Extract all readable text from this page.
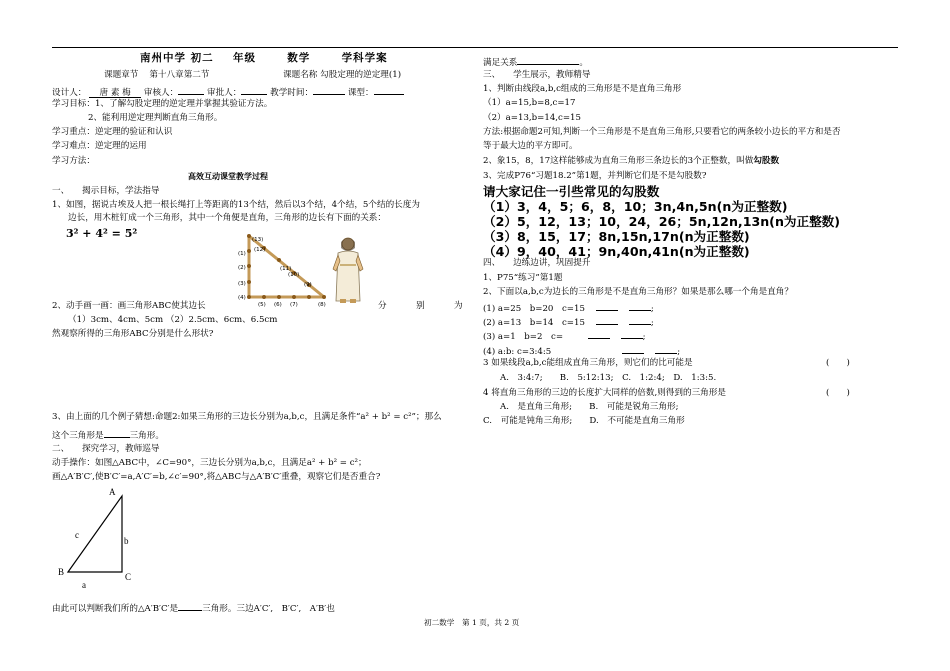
南州中学 初二 年级	数学	学科学案
课题章节 第十八章第二节	课题名称 勾股定理的逆定理(1)
设计人： 唐 素 梅 审核人：	审批人：	教学时间：	课型：
学习目标：1、了解勾股定理的逆定理并掌握其验证方法。
2、能利用逆定理判断直角三角形。
学习重点：逆定理的验证和认识
学习难点：逆定理的运用
学习方法：
高效互动课堂教学过程
一、　　揭示目标，学法指导
1、如图，据说古埃及人把一根长绳打上等距离的13个结，然后以3个结，4个结，5个结的长度为
边长，用木桩钉成一个三角形，其中一个角便是直角，三角形的边长有下面的关系：
3² + 4² = 5²	(13)
(12)
(1)
(2)
(3)
(4)
(11)
(10)
(9)
(5) (6) (7)	(8)
2、动手画一画：画三角形ABC使其边长	分	别	为
（1）3cm、4cm、5cm （2）2.5cm、6cm、6.5cm
然观察所得的三角形ABC分别是什么形状?
3、由上面的几个例子猜想:命题2:如果三角形的三边长分别为a,b,c，且满足条件“a² + b² = c²”；那么
这个三角形是	三角形。
二、　　探究学习，教师巡导
动手操作：如图△ABC中，∠C=90°，三边长分别为a,b,c，且满足a² + b² = c²；
画△A′B′C′,使B′C′=a,A′C′=b,∠c′=90°,将△ABC与△A′B′C′重叠，观察它们是否重合?
A
B	C
a
b
c
由此可以判断我们所的△A′B′C′是	三角形。三边A′C′,　B′C′,　A′B′也
满足关系	。
三、　　学生展示，教师精导
1、判断由线段a,b,c组成的三角形是不是直角三角形
（1）a=15,b=8,c=17
（2）a=13,b=14,c=15
方法:根据命题2可知,判断一个三角形是不是直角三角形,只要看它的两条较小边长的平方和是否
等于最大边的平方即可。
2、象15，8，17这样能够成为直角三角形三条边长的3个正整数，叫做勾股数
3、完成P76“习题18.2”第1题，并判断它们是不是勾股数?
请大家记住一引些常见的勾股数
（1）3，4，5；6，8，10；3n,4n,5n(n为正整数)
（2）5，12，13；10，24，26；5n,12n,13n(n为正整数)
（3）8，15，17；8n,15n,17n(n为正整数)
（4）9，40，41；9n,40n,41n(n为正整数)
四、　　边练边讲，巩固提升
1、P75“练习”第1题
2、下面以a,b,c为边长的三角形是不是直角三角形？如果是那么哪一个角是直角？
(1) a=25　b=20　c=15	;
(2) a=13　b=14　c=15	;
(3) a=1　b=2　c=	;
(4) a:b: c=3:4:5	;
3 如果线段a,b,c能组成直角三角形，则它们的比可能是	(　　)
A.　3:4:7;　　B.　5:12:13;　C.　1:2:4;　D.　1:3:5.
4 将直角三角形的三边的长度扩大同样的倍数,则得到的三角形是	(　　)
A.　是直角三角形;　　B.　可能是锐角三角形;
C.　可能是钝角三角形;　　D.　不可能是直角三角形
初二数学　第 1 页，共 2 页
